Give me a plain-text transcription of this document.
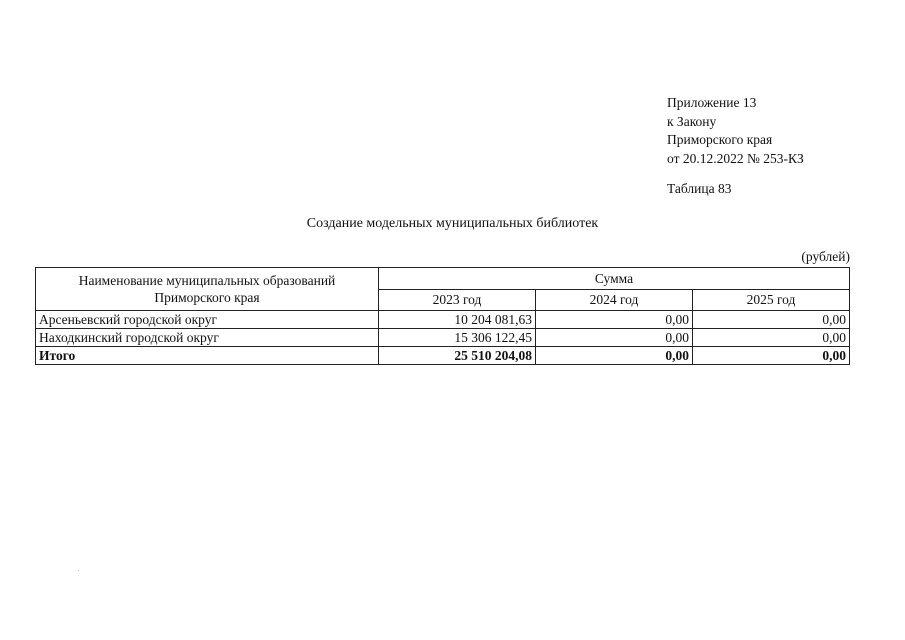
Приложение 13
к Закону
Приморского края
от 20.12.2022 № 253-КЗ
Таблица 83
Создание модельных муниципальных библиотек
(рублей)
Наименование муниципальных образований Приморского края	Сумма		
	2023 год	2024 год	2025 год
Арсеньевский городской округ	10 204 081,63	0,00	0,00
Находкинский городской округ	15 306 122,45	0,00	0,00
Итого	25 510 204,08	0,00	0,00
